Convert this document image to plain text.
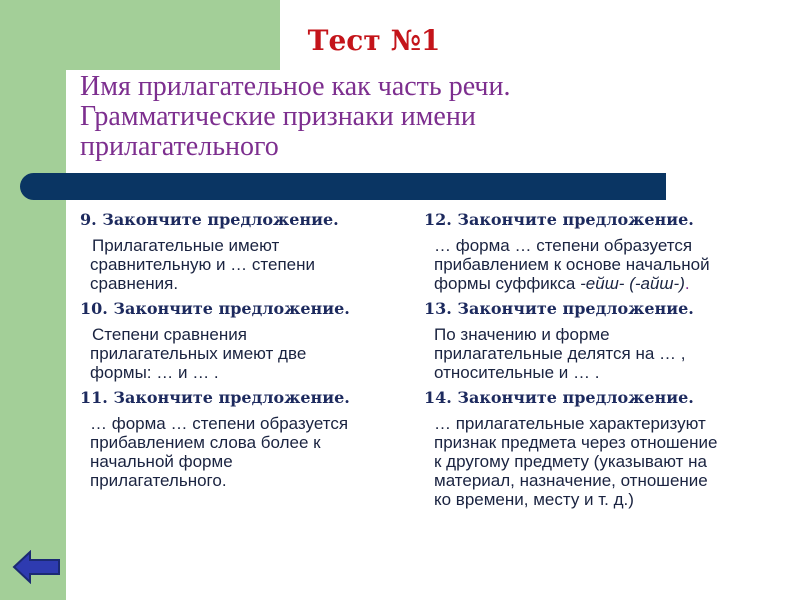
Тест №1
Имя прилагательное как часть речи.
Грамматические признаки имени
прилагательного
9. Закончите предложение.
Прилагательные имеют
сравнительную и … степени
сравнения.
10. Закончите предложение.
Степени сравнения
прилагательных имеют две
формы: … и … .
11. Закончите предложение.
… форма … степени образуется
прибавлением слова более к
начальной форме
прилагательного.
12. Закончите предложение.
… форма … степени образуется
прибавлением к основе начальной
формы суффикса -ейш- (-айш-).
13. Закончите предложение.
По значению и форме
прилагательные делятся на … ,
относительные и … .
14. Закончите предложение.
… прилагательные характеризуют
признак предмета через отношение
к другому предмету (указывают на
материал, назначение, отношение
ко времени, месту и т. д.)
